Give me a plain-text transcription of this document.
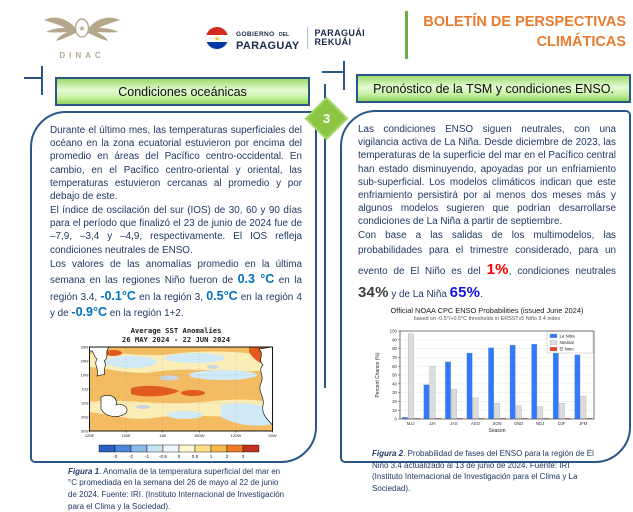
★
DINAC
★
GOBIERNO DEL
PARAGUAY
PARAGUÁI
REKUÁI
BOLETÍN DE PERSPECTIVAS
CLIMÁTICAS
3
Condiciones oceánicas

Durante el último mes, las temperaturas superficiales del océano en la zona ecuatorial estuvieron por encima del promedio en áreas del Pacífico centro-occidental. En cambio, en el Pacífico centro-oriental y oriental, las temperaturas estuvieron cercanas al promedio y por debajo de este.

El índice de oscilación del sur (IOS) de 30, 60 y 90 días para el período que finalizó el 23 de junio de 2024 fue de –7,9, –3,4 y –4,9, respectivamente. El IOS refleja condiciones neutrales de ENSO.

Los valores de las anomalías promedio en la última semana en las regiones Niño fueron de 0.3 °C en la región 3.4, -0.1°C en la región 3, 0.5°C en la región 4 y de -0.9°C en la región 1+2.

Average SST Anomalies
26 MAY 2024 - 22 JUN 2024
30N
20N
10N
EQ
10S
20S
30S
120E	150E	180	150W	120W	90W

-3	-2	-1 -0.5 0	0.5	1	2	3
Figura 1. Anomalía de la temperatura superficial del mar en °C promediada en la semana del 26 de mayo al 22 de junio de 2024. Fuente: IRI. (Instituto Internacional de Investigación para el Clima y la Sociedad).
Pronóstico de la TSM y condiciones ENSO.

Las condiciones ENSO siguen neutrales, con una vigilancia activa de La Niña. Desde diciembre de 2023, las temperaturas de la superficie del mar en el Pacífico central han estado disminuyendo, apoyadas por un enfriamiento sub-superficial. Los modelos climáticos indican que este enfriamiento persistirá por al menos dos meses más y algunos modelos sugieren que podrían desarrollarse condiciones de La Niña a partir de septiembre.

Con base a las salidas de los multimodelos, las probabilidades para el trimestre considerado, para un evento de El Niño es del 1%, condiciones neutrales 34% y de La Niña 65%.

Official NOAA CPC ENSO Probabilities (issued June 2024)
based on -0.5°/+0.5°C thresholds in ERSSTv5 Niño 3.4 index
0
10
20
30
40
50
60
70
80
90
100
MJJ	JJA	JAS	ASO	SON	OND	NDJ	DJF	JFM
Season
Percent Chance (%)
La Nina
Neutral
El Nino
Figura 2. Probabilidad de fases del ENSO para la región de El Niño 3.4 actualizado al 13 de junio de 2024. Fuente: IRI (Instituto Internacional de Investigación para el Clima y La Sociedad).
